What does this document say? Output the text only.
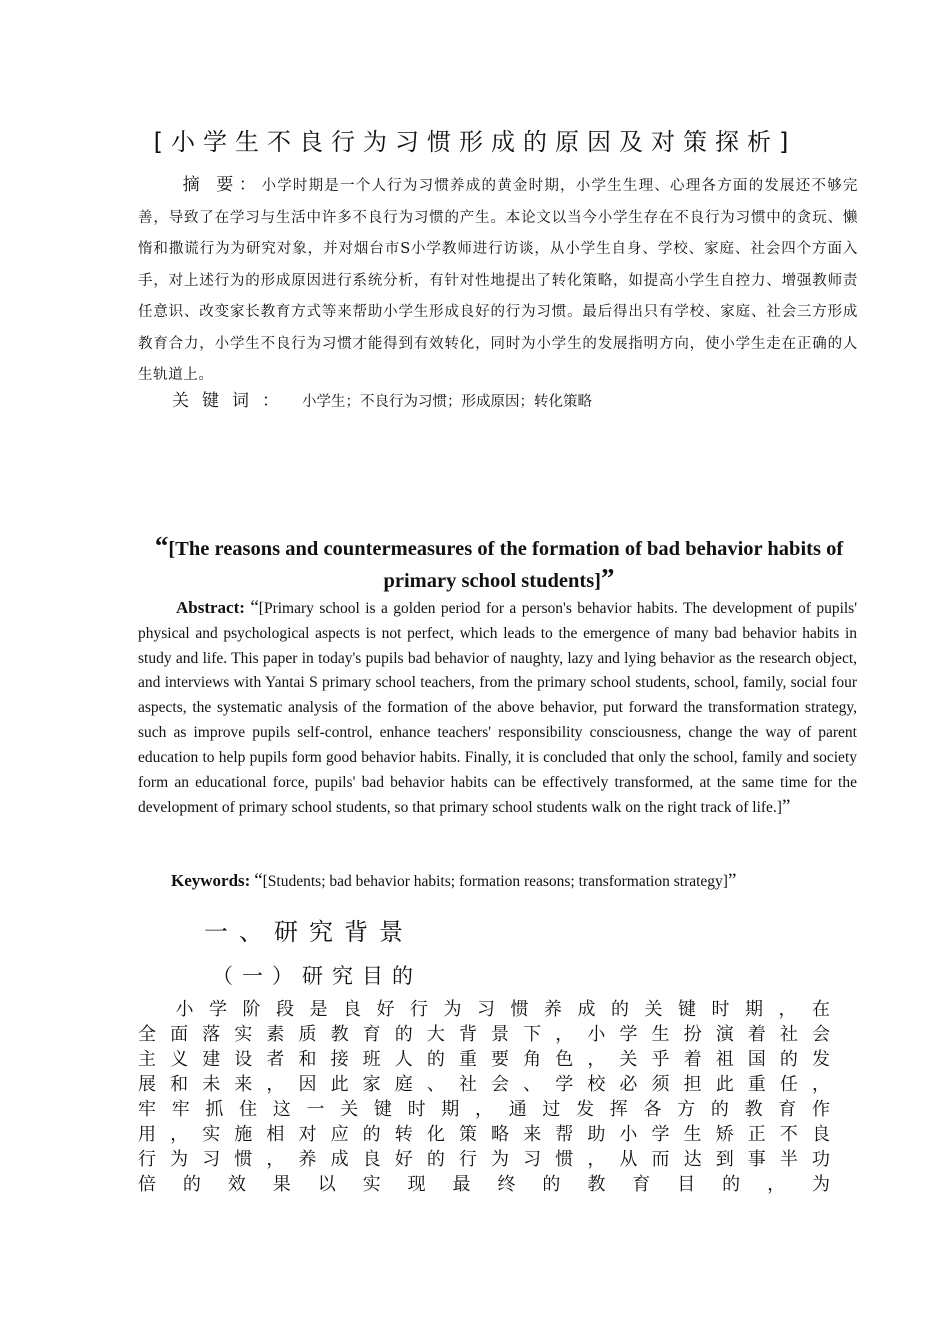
[小学生不良行为习惯形成的原因及对策探析]
摘 要：小学时期是一个人行为习惯养成的黄金时期，小学生生理、心理各方面的发展还不够完善，导致了在学习与生活中许多不良行为习惯的产生。本论文以当今小学生存在不良行为习惯中的贪玩、懒惰和撒谎行为为研究对象，并对烟台市S小学教师进行访谈，从小学生自身、学校、家庭、社会四个方面入手，对上述行为的形成原因进行系统分析，有针对性地提出了转化策略，如提高小学生自控力、增强教师责任意识、改变家长教育方式等来帮助小学生形成良好的行为习惯。最后得出只有学校、家庭、社会三方形成教育合力，小学生不良行为习惯才能得到有效转化，同时为小学生的发展指明方向，使小学生走在正确的人生轨道上。
关键词： 小学生；不良行为习惯；形成原因；转化策略
“[The reasons and countermeasures of the formation of bad behavior habits of primary school students]”
Abstract: “[Primary school is a golden period for a person's behavior habits. The development of pupils' physical and psychological aspects is not perfect, which leads to the emergence of many bad behavior habits in study and life. This paper in today's pupils bad behavior of naughty, lazy and lying behavior as the research object, and interviews with Yantai S primary school teachers, from the primary school students, school, family, social four aspects, the systematic analysis of the formation of the above behavior, put forward the transformation strategy, such as improve pupils self-control, enhance teachers' responsibility consciousness, change the way of parent education to help pupils form good behavior habits. Finally, it is concluded that only the school, family and society form an educational force, pupils' bad behavior habits can be effectively transformed, at the same time for the development of primary school students, so that primary school students walk on the right track of life.]”
Keywords: “[Students; bad behavior habits; formation reasons; transformation strategy]”
一、研究背景
（一）研究目的
小学阶段是良好行为习惯养成的关键时期，在全面落实素质教育的大背景下，小学生扮演着社会主义建设者和接班人的重要角色，关乎着祖国的发展和未来，因此家庭、社会、学校必须担此重任，牢牢抓住这一关键时期，通过发挥各方的教育作用，实施相对应的转化策略来帮助小学生矫正不良行为习惯，养成良好的行为习惯，从而达到事半功倍的效果以实现最终的教育目的，为
